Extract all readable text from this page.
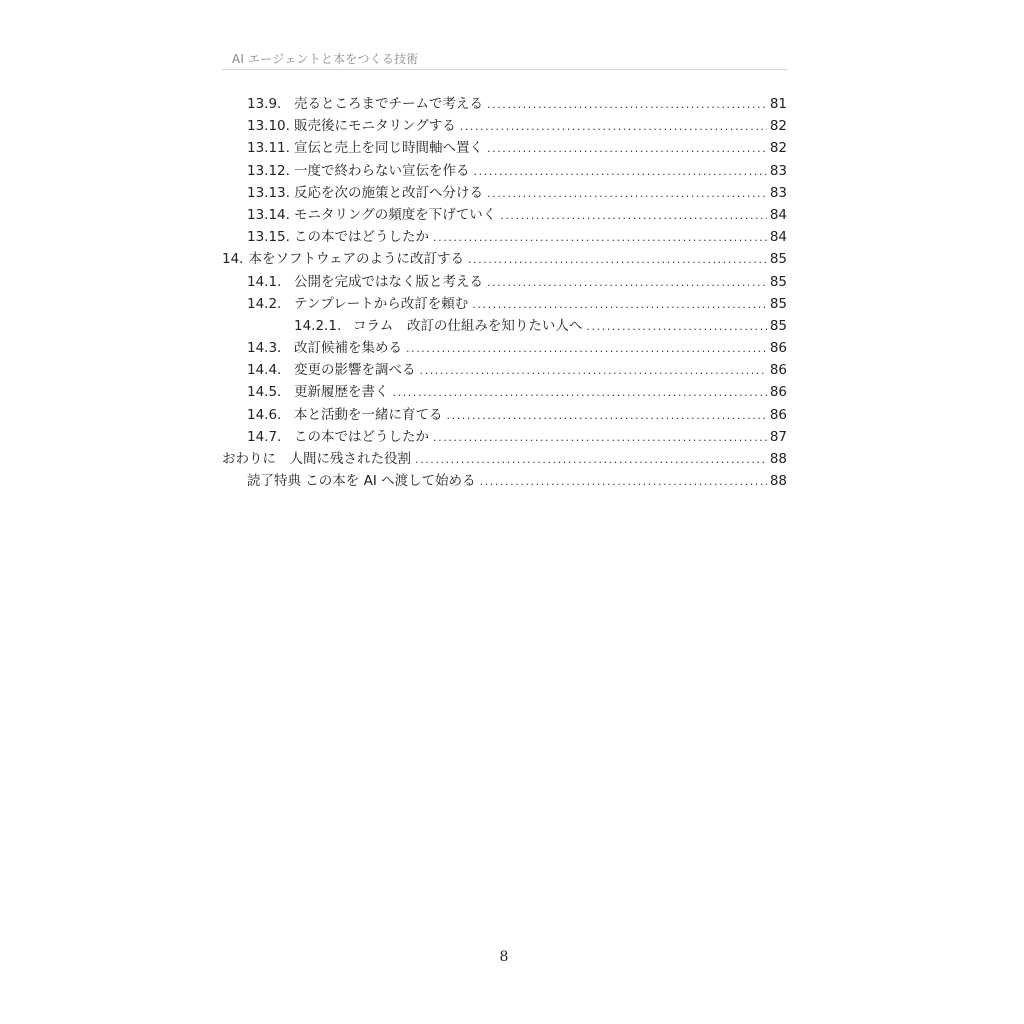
AI エージェントと本をつくる技術
13.9. 売るところまでチームで考える .....	81
13.10. 販売後にモニタリングする .....	82
13.11. 宣伝と売上を同じ時間軸へ置く .....	82
13.12. 一度で終わらない宣伝を作る .....	83
13.13. 反応を次の施策と改訂へ分ける .....	83
13.14. モニタリングの頻度を下げていく .....	84
13.15. この本ではどうしたか .....	84
14. 本をソフトウェアのように改訂する .....	85
14.1. 公開を完成ではなく版と考える .....	85
14.2. テンプレートから改訂を頼む .....	85
14.2.1. コラム　改訂の仕組みを知りたい人へ .....	85
14.3. 改訂候補を集める .....	86
14.4. 変更の影響を調べる .....	86
14.5. 更新履歴を書く .....	86
14.6. 本と活動を一緒に育てる .....	86
14.7. この本ではどうしたか .....	87
おわりに　人間に残された役割 .....	88
読了特典 この本を AI へ渡して始める .....	88
8
